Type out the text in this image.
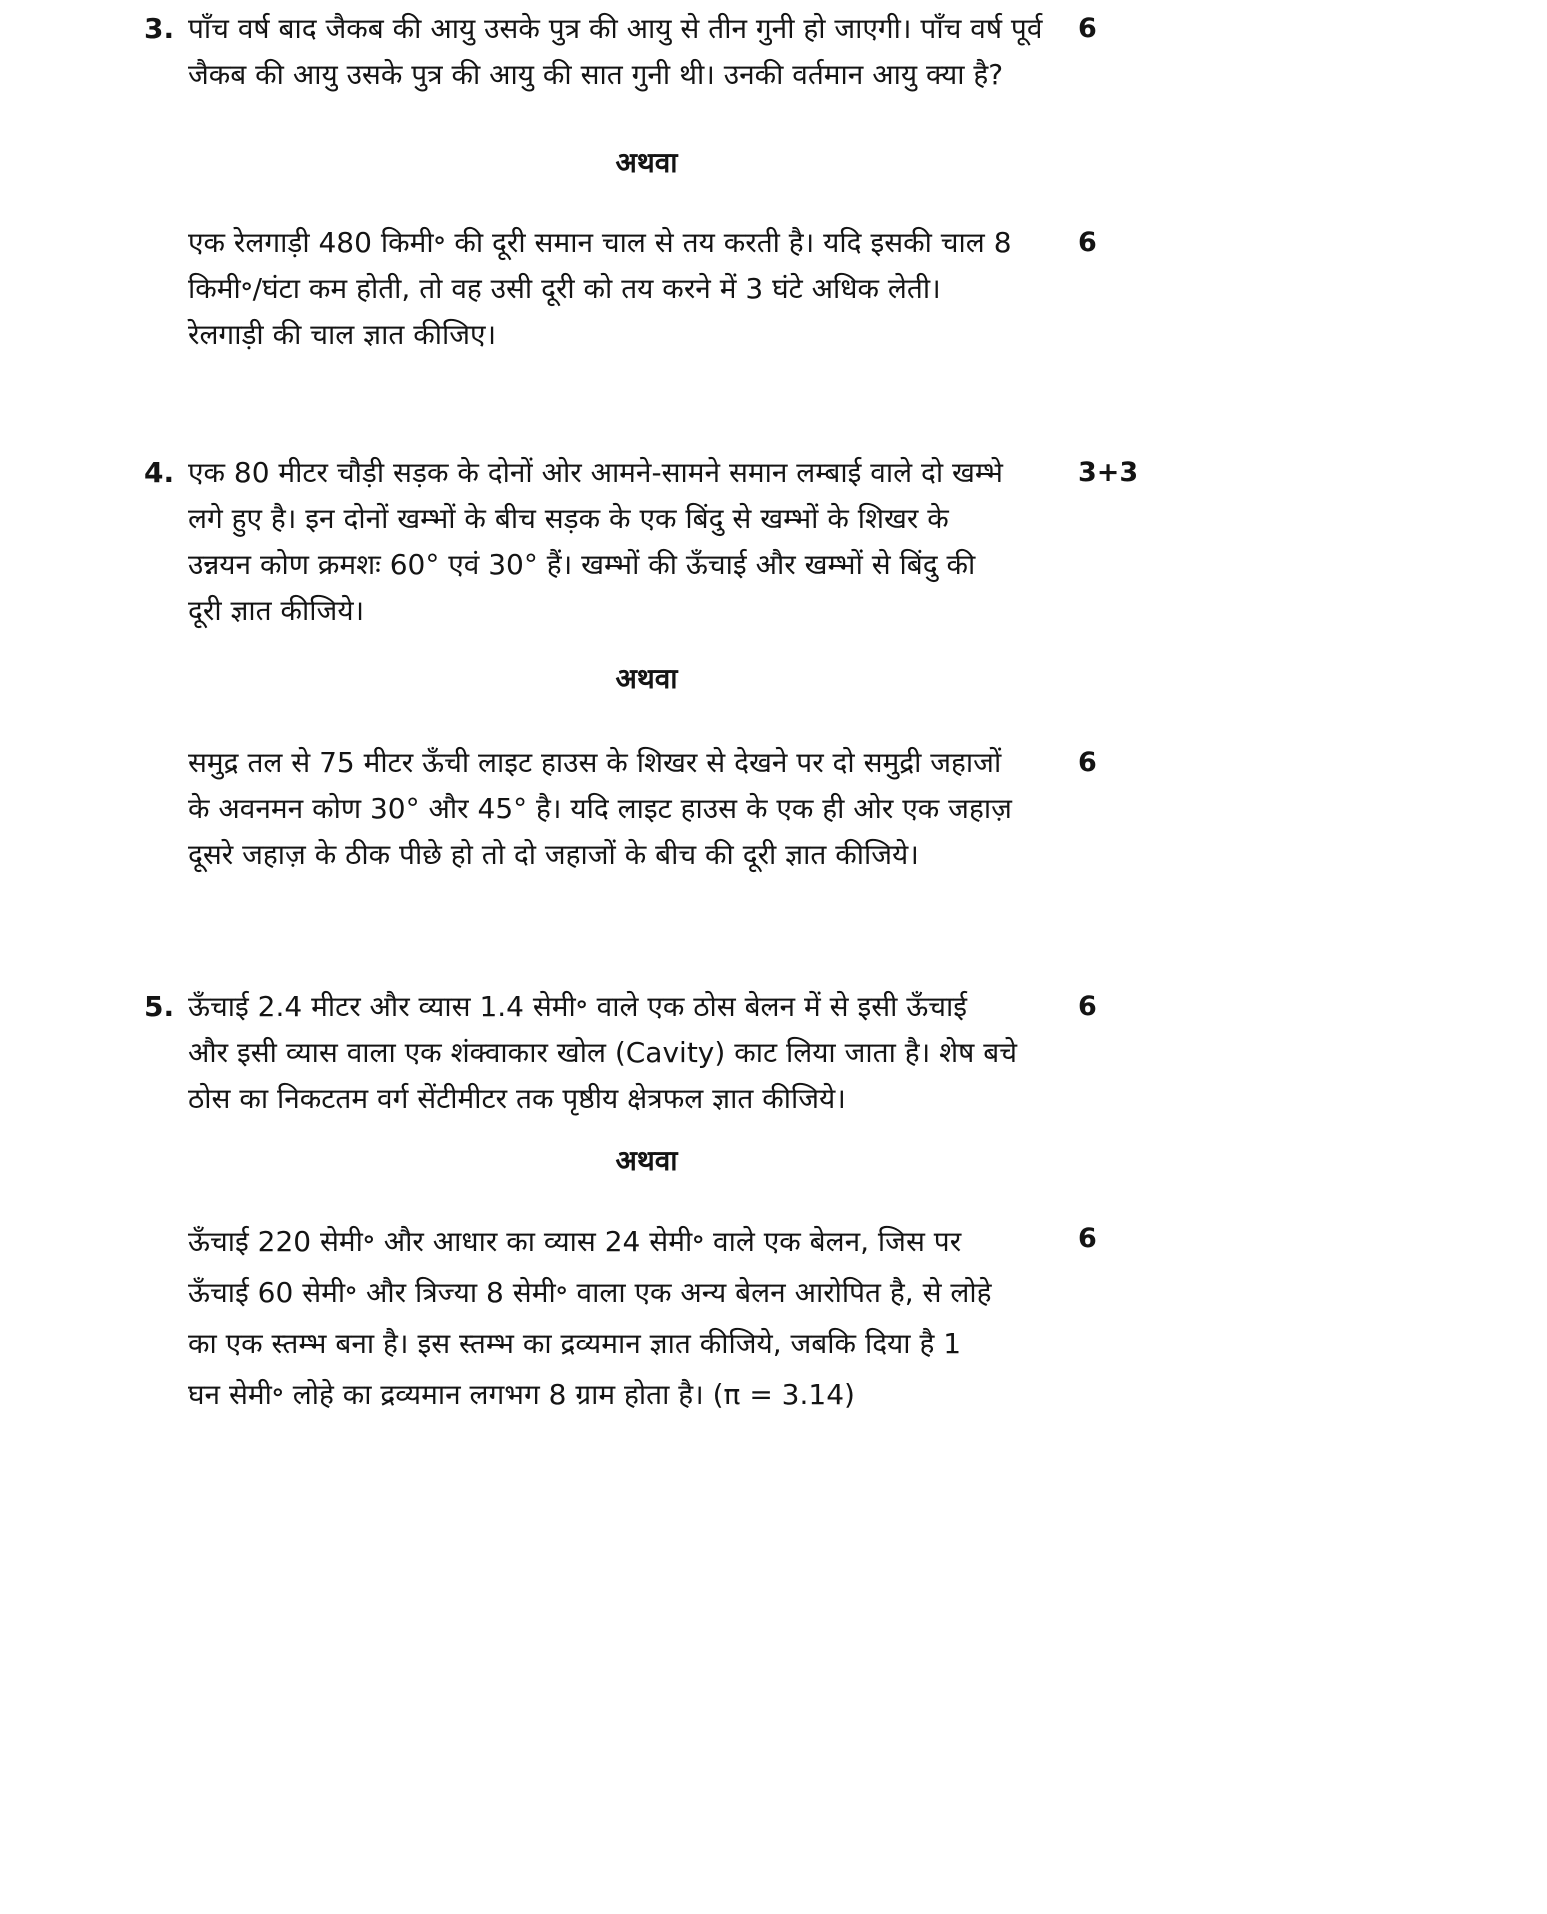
3.	6
पाँच वर्ष बाद जैकब की आयु उसके पुत्र की आयु से तीन गुनी हो जाएगी। पाँच वर्ष पूर्व
जैकब की आयु उसके पुत्र की आयु की सात गुनी थी। उनकी वर्तमान आयु क्या है?
अथवा
6
एक रेलगाड़ी 480 किमी॰ की दूरी समान चाल से तय करती है। यदि इसकी चाल 8
किमी॰/घंटा कम होती, तो वह उसी दूरी को तय करने में 3 घंटे अधिक लेती।
रेलगाड़ी की चाल ज्ञात कीजिए।
4.	3+3
एक 80 मीटर चौड़ी सड़क के दोनों ओर आमने-सामने समान लम्बाई वाले दो खम्भे
लगे हुए है। इन दोनों खम्भों के बीच सड़क के एक बिंदु से खम्भों के शिखर के
उन्नयन कोण क्रमशः 60° एवं 30° हैं। खम्भों की ऊँचाई और खम्भों से बिंदु की
दूरी ज्ञात कीजिये।
अथवा
6
समुद्र तल से 75 मीटर ऊँची लाइट हाउस के शिखर से देखने पर दो समुद्री जहाजों
के अवनमन कोण 30° और 45° है। यदि लाइट हाउस के एक ही ओर एक जहाज़
दूसरे जहाज़ के ठीक पीछे हो तो दो जहाजों के बीच की दूरी ज्ञात कीजिये।
5.	6
ऊँचाई 2.4 मीटर और व्यास 1.4 सेमी॰ वाले एक ठोस बेलन में से इसी ऊँचाई
और इसी व्यास वाला एक शंक्वाकार खोल (Cavity) काट लिया जाता है। शेष बचे
ठोस का निकटतम वर्ग सेंटीमीटर तक पृष्ठीय क्षेत्रफल ज्ञात कीजिये।
अथवा
6
ऊँचाई 220 सेमी॰ और आधार का व्यास 24 सेमी॰ वाले एक बेलन, जिस पर
ऊँचाई 60 सेमी॰ और त्रिज्या 8 सेमी॰ वाला एक अन्य बेलन आरोपित है, से लोहे
का एक स्तम्भ बना है। इस स्तम्भ का द्रव्यमान ज्ञात कीजिये, जबकि दिया है 1
घन सेमी॰ लोहे का द्रव्यमान लगभग 8 ग्राम होता है। (π = 3.14)
